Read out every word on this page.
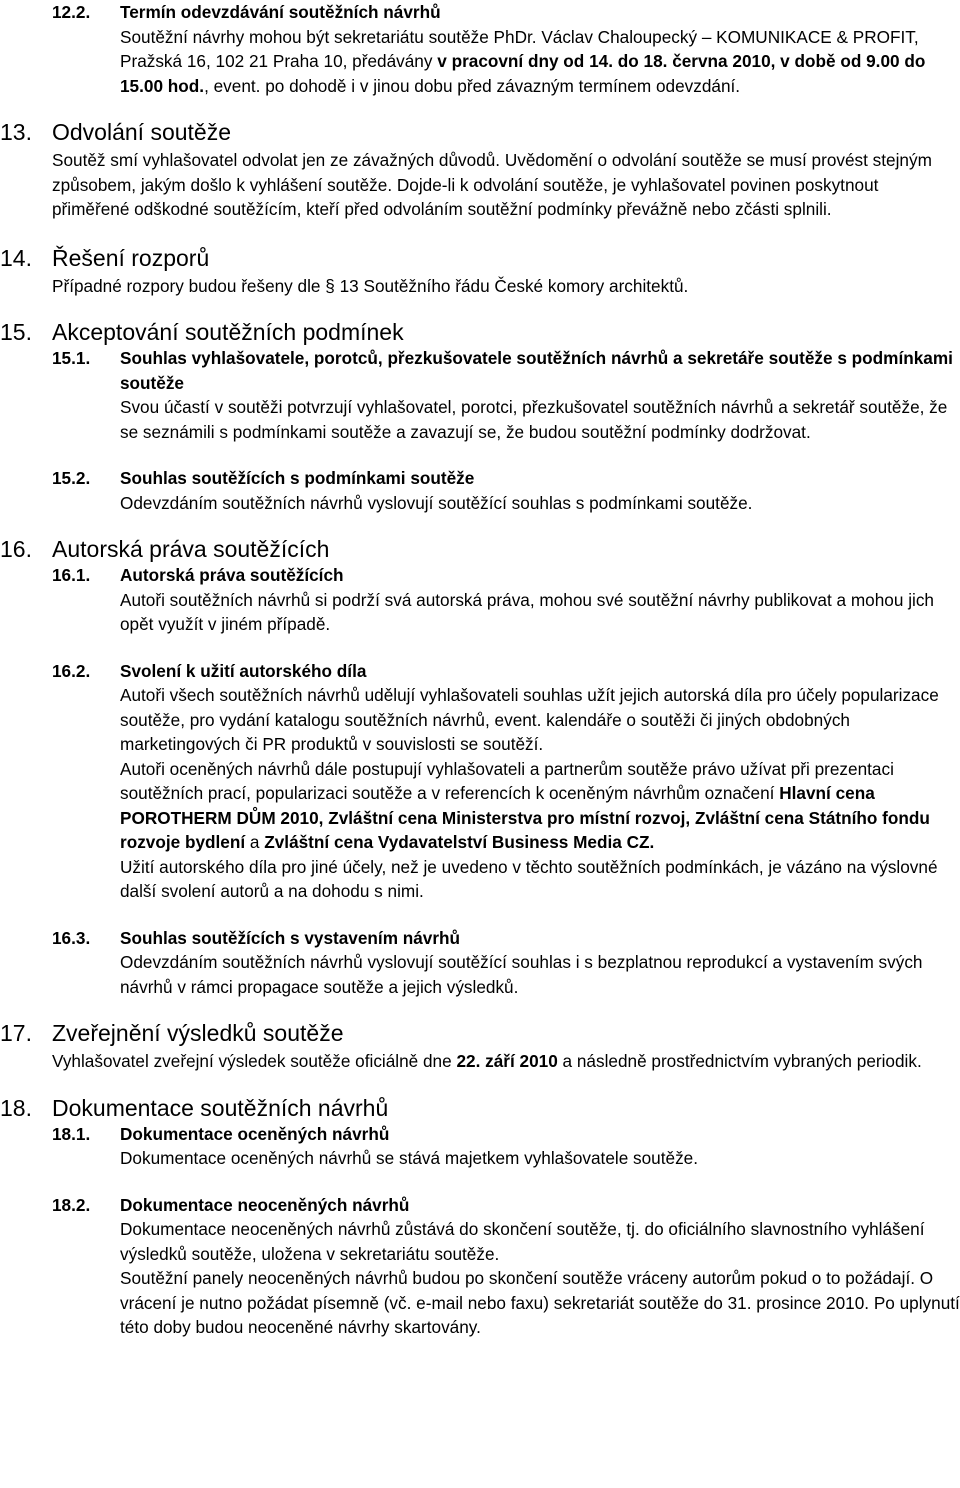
12.2. Termín odevzdávání soutěžních návrhů
Soutěžní návrhy mohou být sekretariátu soutěže PhDr. Václav Chaloupecký – KOMUNIKACE & PROFIT, Pražská 16, 102 21 Praha 10, předávány v pracovní dny od 14. do 18. června 2010, v době od 9.00 do 15.00 hod., event. po dohodě i v jinou dobu před závazným termínem odevzdání.
13. Odvolání soutěže
Soutěž smí vyhlašovatel odvolat jen ze závažných důvodů. Uvědomění o odvolání soutěže se musí provést stejným způsobem, jakým došlo k vyhlášení soutěže. Dojde-li k odvolání soutěže, je vyhlašovatel povinen poskytnout přiměřené odškodné soutěžícím, kteří před odvoláním soutěžní podmínky převážně nebo zčásti splnili.
14. Řešení rozporů
Případné rozpory budou řešeny dle § 13 Soutěžního řádu České komory architektů.
15. Akceptování soutěžních podmínek
15.1. Souhlas vyhlašovatele, porotců, přezkušovatele soutěžních návrhů a sekretáře soutěže s podmínkami soutěže
Svou účastí v soutěži potvrzují vyhlašovatel, porotci, přezkušovatel soutěžních návrhů a sekretář soutěže, že se seznámili s podmínkami soutěže a zavazují se, že budou soutěžní podmínky dodržovat.
15.2. Souhlas soutěžících s podmínkami soutěže
Odevzdáním soutěžních návrhů vyslovují soutěžící souhlas s podmínkami soutěže.
16. Autorská práva soutěžících
16.1. Autorská práva soutěžících
Autoři soutěžních návrhů si podrží svá autorská práva, mohou své soutěžní návrhy publikovat a mohou jich opět využít v jiném případě.
16.2. Svolení k užití autorského díla
Autoři všech soutěžních návrhů udělují vyhlašovateli souhlas užít jejich autorská díla pro účely popularizace soutěže, pro vydání katalogu soutěžních návrhů, event. kalendáře o soutěži či jiných obdobných marketingových či PR produktů v souvislosti se soutěží.
Autoři oceněných návrhů dále postupují vyhlašovateli a partnerům soutěže právo užívat při prezentaci soutěžních prací, popularizaci soutěže a v referencích k oceněným návrhům označení Hlavní cena POROTHERM DŮM 2010, Zvláštní cena Ministerstva pro místní rozvoj, Zvláštní cena Státního fondu rozvoje bydlení a Zvláštní cena Vydavatelství Business Media CZ.
Užití autorského díla pro jiné účely, než je uvedeno v těchto soutěžních podmínkách, je vázáno na výslovné další svolení autorů a na dohodu s nimi.
16.3. Souhlas soutěžících s vystavením návrhů
Odevzdáním soutěžních návrhů vyslovují soutěžící souhlas i s bezplatnou reprodukcí a vystavením svých návrhů v rámci propagace soutěže a jejich výsledků.
17. Zveřejnění výsledků soutěže
Vyhlašovatel zveřejní výsledek soutěže oficiálně dne 22. září 2010 a následně prostřednictvím vybraných periodik.
18. Dokumentace soutěžních návrhů
18.1. Dokumentace oceněných návrhů
Dokumentace oceněných návrhů se stává majetkem vyhlašovatele soutěže.
18.2. Dokumentace neoceněných návrhů
Dokumentace neoceněných návrhů zůstává do skončení soutěže, tj. do oficiálního slavnostního vyhlášení výsledků soutěže, uložena v sekretariátu soutěže.
Soutěžní panely neoceněných návrhů budou po skončení soutěže vráceny autorům pokud o to požádají. O vrácení je nutno požádat písemně (vč. e-mail nebo faxu) sekretariát soutěže do 31. prosince 2010. Po uplynutí této doby budou neoceněné návrhy skartovány.
